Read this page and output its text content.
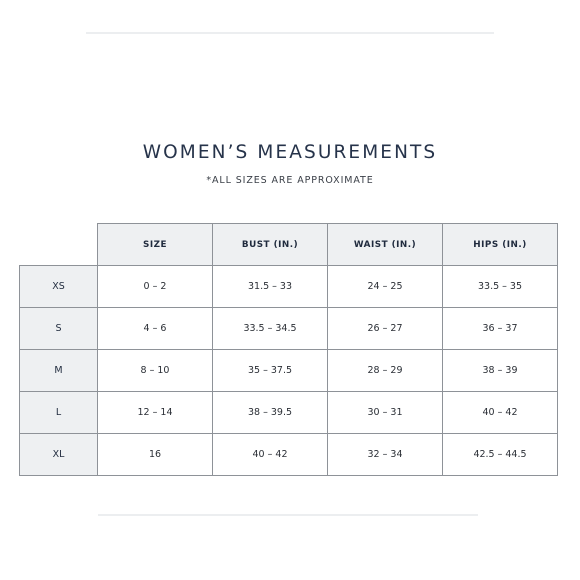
WOMEN’S MEASUREMENTS
*ALL SIZES ARE APPROXIMATE
	SIZE	BUST (IN.)	WAIST (IN.)	HIPS (IN.)
XS	0 – 2	31.5 – 33	24 – 25	33.5 – 35
S	4 – 6	33.5 – 34.5	26 – 27	36 – 37
M	8 – 10	35 – 37.5	28 – 29	38 – 39
L	12 – 14	38 – 39.5	30 – 31	40 – 42
XL	16	40 – 42	32 – 34	42.5 – 44.5
